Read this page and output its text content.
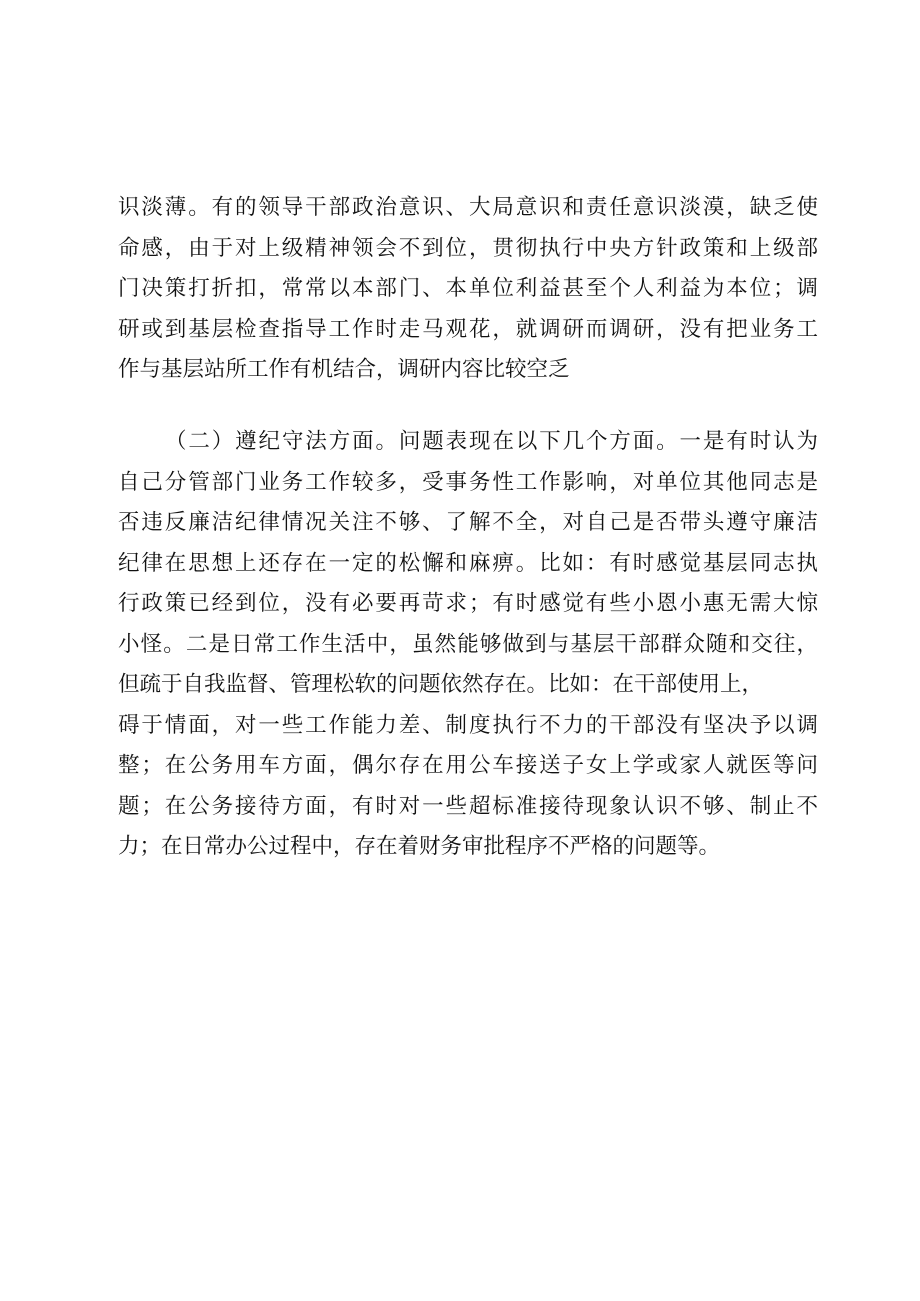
识淡薄。有的领导干部政治意识、大局意识和责任意识淡漠，缺乏使
命感，由于对上级精神领会不到位，贯彻执行中央方针政策和上级部
门决策打折扣，常常以本部门、本单位利益甚至个人利益为本位；调
研或到基层检查指导工作时走马观花，就调研而调研，没有把业务工
作与基层站所工作有机结合，调研内容比较空乏
（二）遵纪守法方面。问题表现在以下几个方面。一是有时认为
自己分管部门业务工作较多，受事务性工作影响，对单位其他同志是
否违反廉洁纪律情况关注不够、了解不全，对自己是否带头遵守廉洁
纪律在思想上还存在一定的松懈和麻痹。比如：有时感觉基层同志执
行政策已经到位，没有必要再苛求；有时感觉有些小恩小惠无需大惊
小怪。二是日常工作生活中，虽然能够做到与基层干部群众随和交往，
但疏于自我监督、管理松软的问题依然存在。比如：在干部使用上，
碍于情面，对一些工作能力差、制度执行不力的干部没有坚决予以调
整；在公务用车方面，偶尔存在用公车接送子女上学或家人就医等问
题；在公务接待方面，有时对一些超标准接待现象认识不够、制止不
力；在日常办公过程中，存在着财务审批程序不严格的问题等。
